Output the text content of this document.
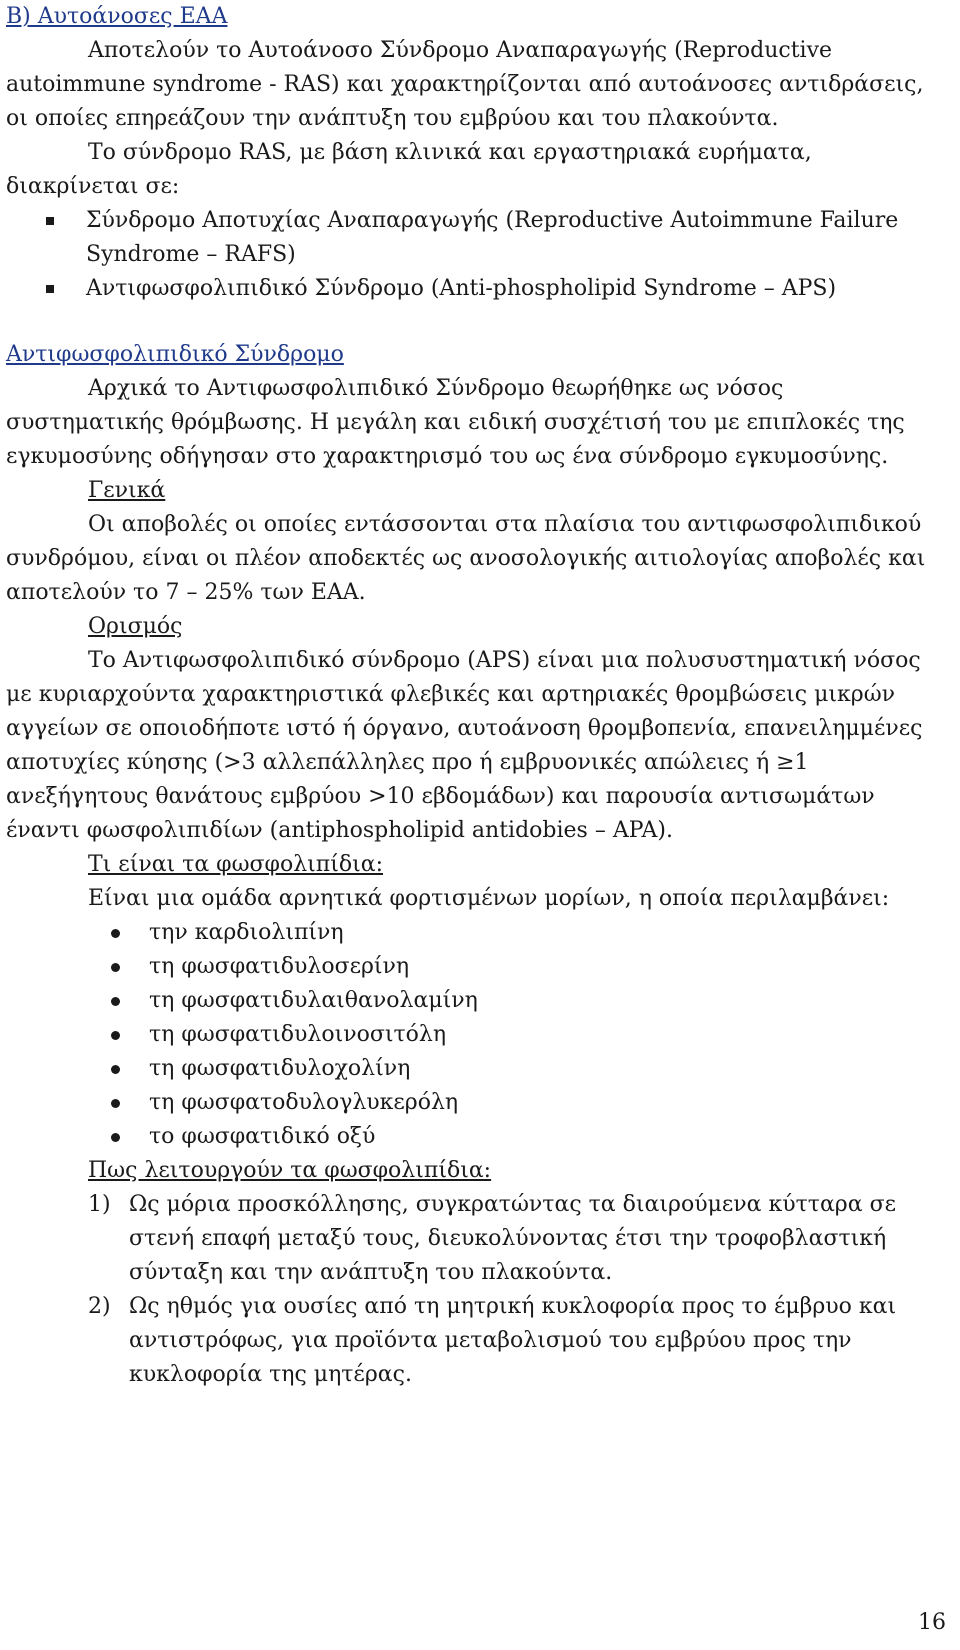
Β) Αυτοάνοσες ΕΑΑ

Αποτελούν το Αυτοάνοσο Σύνδρομο Αναπαραγωγής (Reproductive autoimmune syndrome - RAS) και χαρακτηρίζονται από αυτοάνοσες αντιδράσεις, οι οποίες επηρεάζουν την ανάπτυξη του εμβρύου και του πλακούντα.

Το σύνδρομο RAS, με βάση κλινικά και εργαστηριακά ευρήματα, διακρίνεται σε:

Σύνδρομο Αποτυχίας Αναπαραγωγής (Reproductive Autoimmune Failure Syndrome – RAFS)
Αντιφωσφολιπιδικό Σύνδρομο (Anti-phospholipid Syndrome – APS)
Αντιφωσφολιπιδικό Σύνδρομο

Αρχικά το Αντιφωσφολιπιδικό Σύνδρομο θεωρήθηκε ως νόσος συστηματικής θρόμβωσης. Η μεγάλη και ειδική συσχέτισή του με επιπλοκές της εγκυμοσύνης οδήγησαν στο χαρακτηρισμό του ως ένα σύνδρομο εγκυμοσύνης.

Γενικά

Οι αποβολές οι οποίες εντάσσονται στα πλαίσια του αντιφωσφολιπιδικού συνδρόμου, είναι οι πλέον αποδεκτές ως ανοσολογικής αιτιολογίας αποβολές και αποτελούν το 7 – 25% των ΕΑΑ.

Ορισμός

Το Αντιφωσφολιπιδικό σύνδρομο (APS) είναι μια πολυσυστηματική νόσος με κυριαρχούντα χαρακτηριστικά φλεβικές και αρτηριακές θρομβώσεις μικρών αγγείων σε οποιοδήποτε ιστό ή όργανο, αυτοάνοση θρομβοπενία, επανειλημμένες αποτυχίες κύησης (>3 αλλεπάλληλες προ ή εμβρυονικές απώλειες ή ≥1 ανεξήγητους θανάτους εμβρύου >10 εβδομάδων) και παρουσία αντισωμάτων έναντι φωσφολιπιδίων (antiphospholipid antidobies – APA).

Τι είναι τα φωσφολιπίδια:

Είναι μια ομάδα αρνητικά φορτισμένων μορίων, η οποία περιλαμβάνει:

την καρδιολιπίνη
τη φωσφατιδυλοσερίνη
τη φωσφατιδυλαιθανολαμίνη
τη φωσφατιδυλοινοσιτόλη
τη φωσφατιδυλοχολίνη
τη φωσφατοδυλογλυκερόλη
το φωσφατιδικό οξύ
Πως λειτουργούν τα φωσφολιπίδια:
1) Ως μόρια προσκόλλησης, συγκρατώντας τα διαιρούμενα κύτταρα σε στενή επαφή μεταξύ τους, διευκολύνοντας έτσι την τροφοβλαστική σύνταξη και την ανάπτυξη του πλακούντα.
2) Ως ηθμός για ουσίες από τη μητρική κυκλοφορία προς το έμβρυο και αντιστρόφως, για προϊόντα μεταβολισμού του εμβρύου προς την κυκλοφορία της μητέρας.
16
